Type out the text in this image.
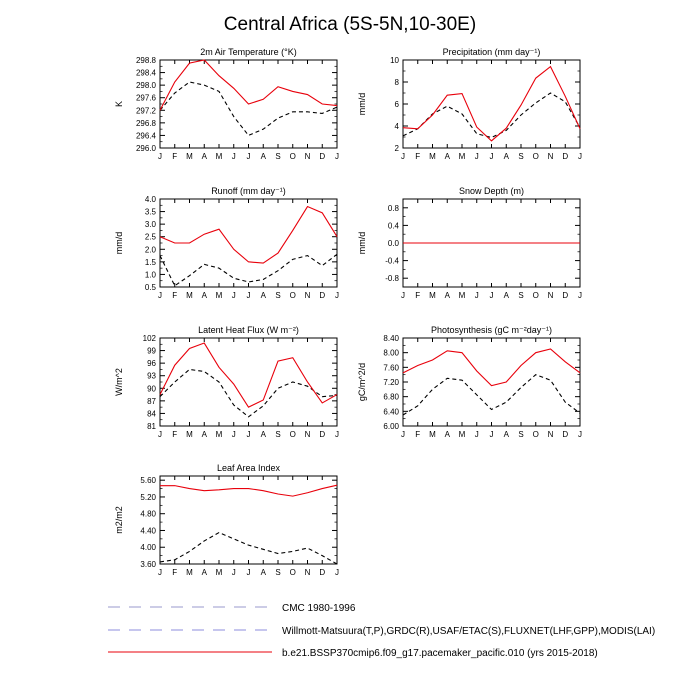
Central Africa (5S-5N,10-30E)
2m Air Temperature (°K)
K
J F M A M J J A S O N D J
296.0
296.4
296.8
297.2
297.6
298.0
298.4
298.8
Precipitation (mm day⁻¹)
mm/d
J F M A M J J A S O N D J
2
4
6
8
10
Runoff (mm day⁻¹)
mm/d
J F M A M J J A S O N D J
0.5
1.0
1.5
2.0
2.5
3.0
3.5
4.0
Snow Depth (m)
mm/d
J F M A M J J A S O N D J
-0.8
-0.4
0.0
0.4
0.8
Latent Heat Flux (W m⁻²)
W/m^2
J F M A M J J A S O N D J
81
84
87
90
93
96
99
102
Photosynthesis (gC m⁻²day⁻¹)
gC/m^2/d
J F M A M J J A S O N D J
6.00
6.40
6.80
7.20
7.60
8.00
8.40
Leaf Area Index
m2/m2
J F M A M J J A S O N D J
3.60
4.00
4.40
4.80
5.20
5.60
CMC 1980-1996
Willmott-Matsuura(T,P),GRDC(R),USAF/ETAC(S),FLUXNET(LHF,GPP),MODIS(LAI)
b.e21.BSSP370cmip6.f09_g17.pacemaker_pacific.010 (yrs 2015-2018)
